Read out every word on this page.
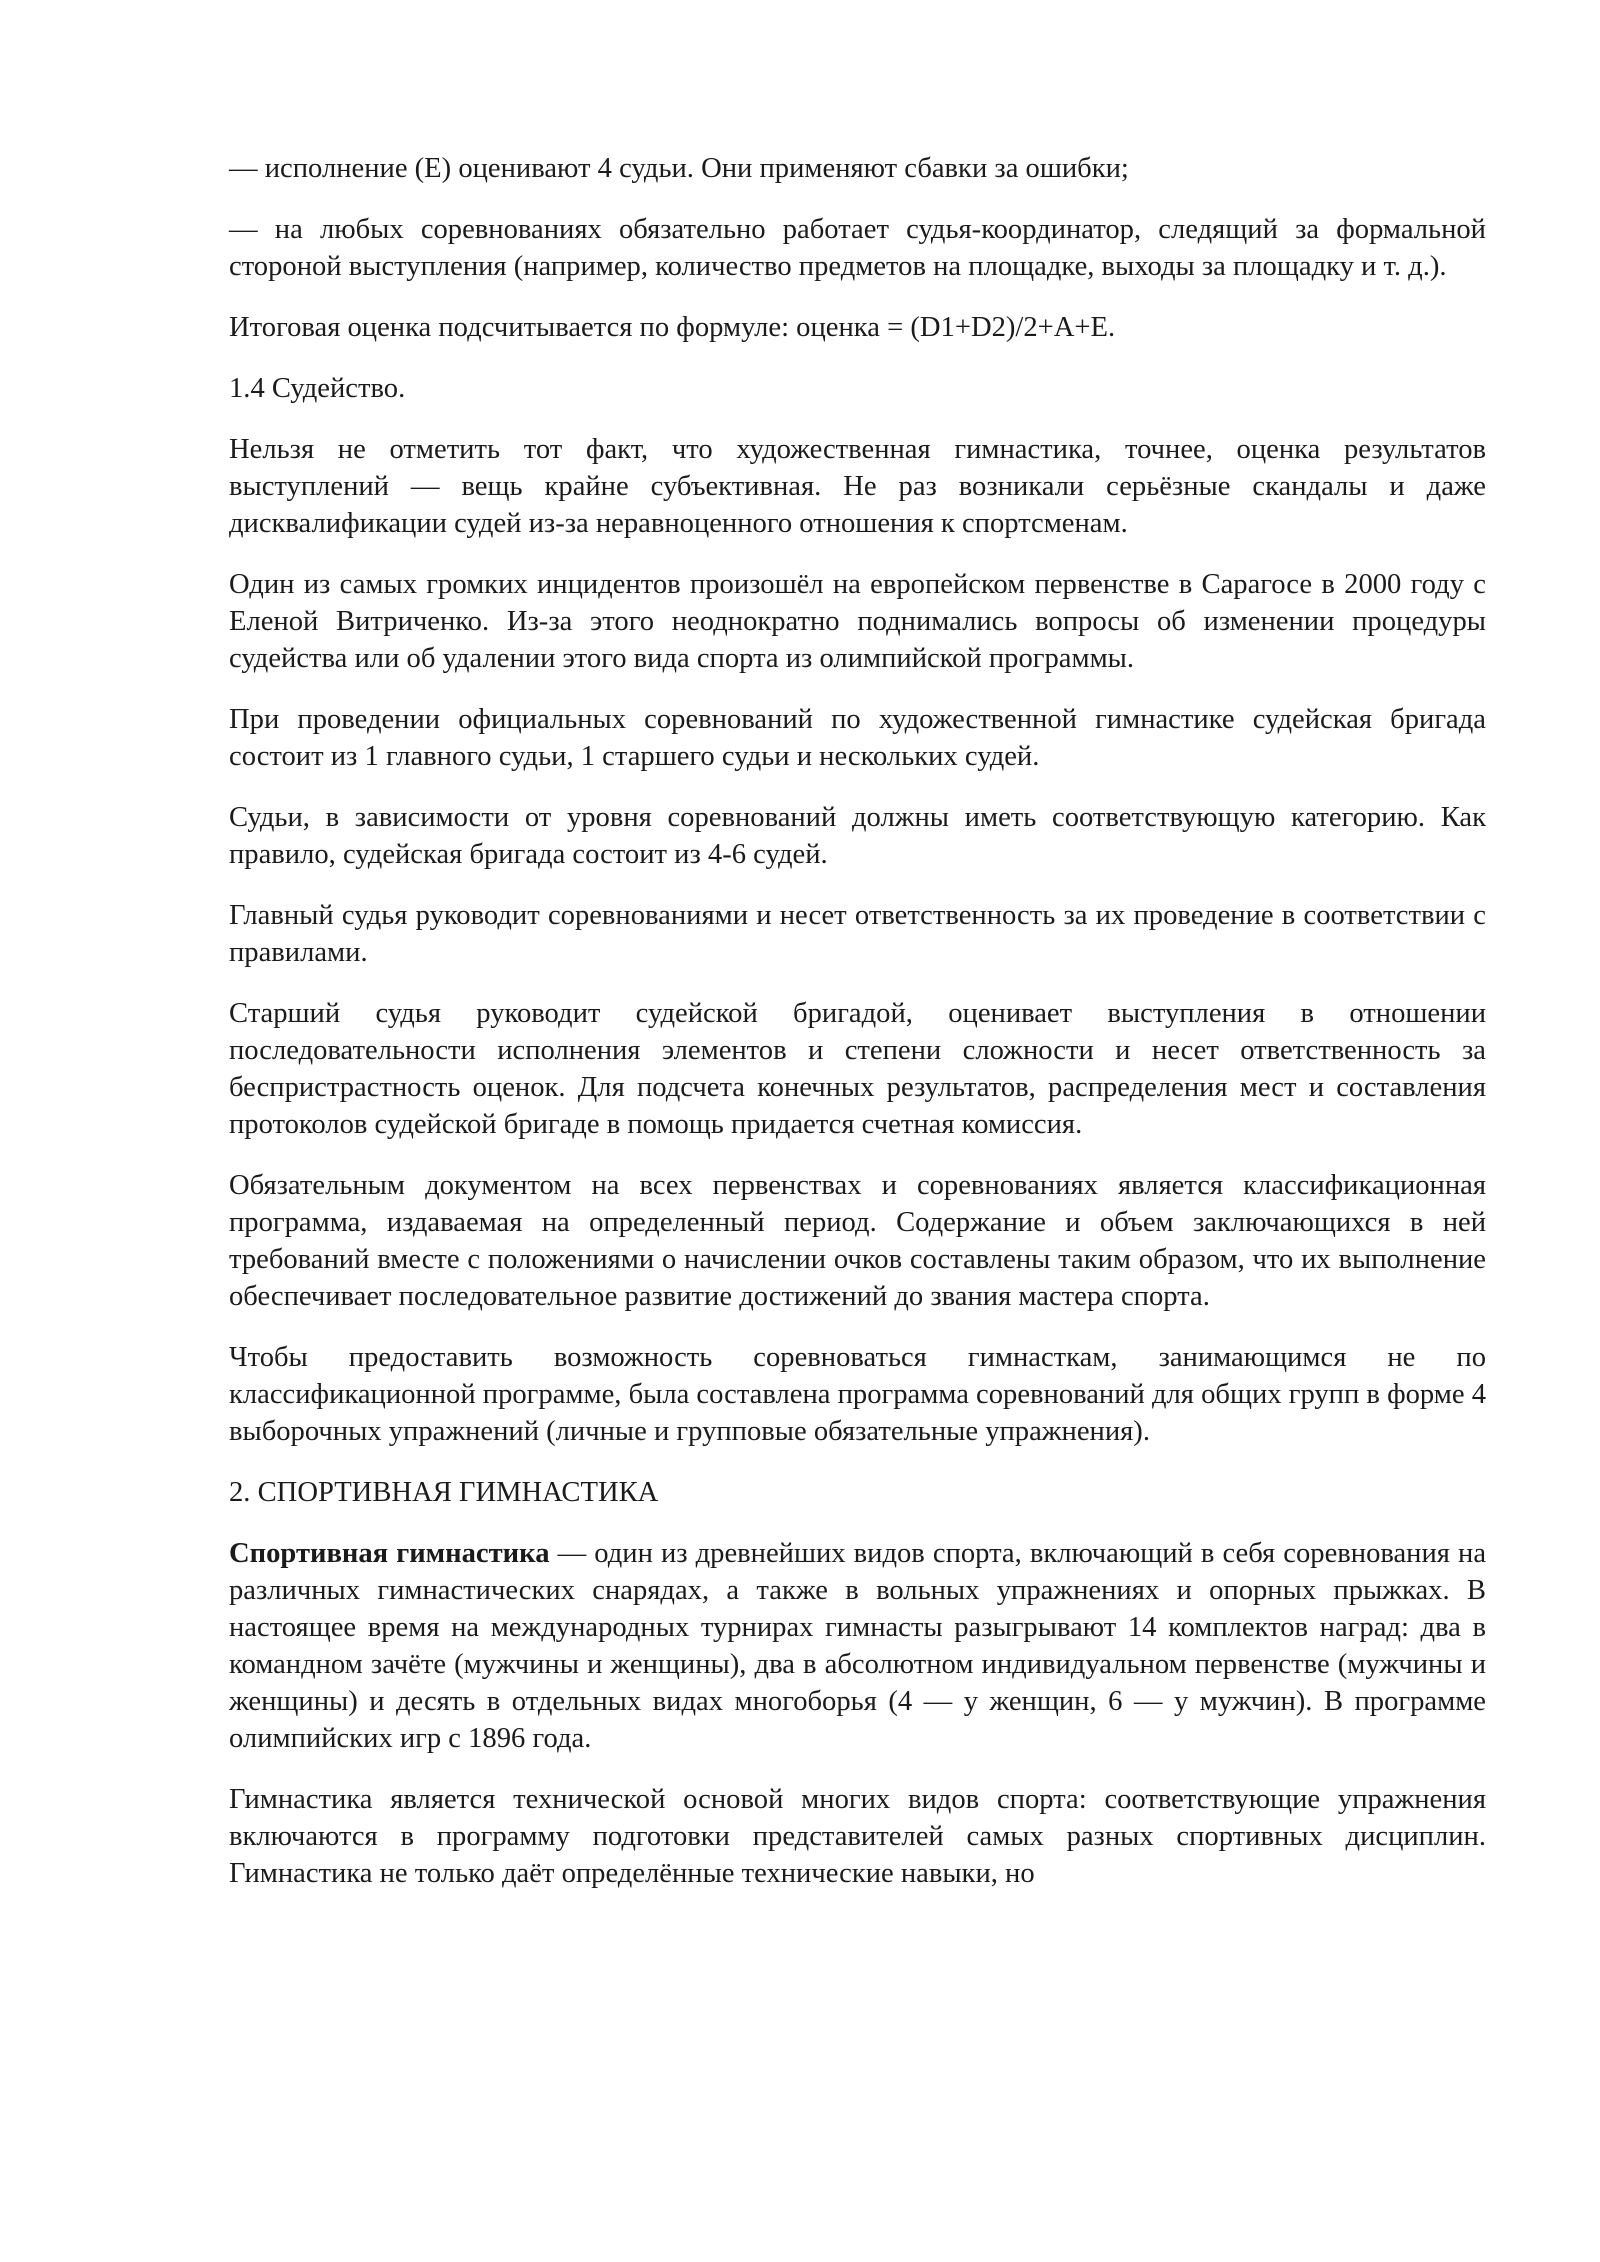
— исполнение (E) оценивают 4 судьи. Они применяют сбавки за ошибки;

— на любых соревнованиях обязательно работает судья-координатор, следящий за формальной стороной выступления (например, количество предметов на площадке, выходы за площадку и т. д.).

Итоговая оценка подсчитывается по формуле: оценка = (D1+D2)/2+A+E.

1.4 Судейство.

Нельзя не отметить тот факт, что художественная гимнастика, точнее, оценка результатов выступлений — вещь крайне субъективная. Не раз возникали серьёзные скандалы и даже дисквалификации судей из-за неравноценного отношения к спортсменам.

Один из самых громких инцидентов произошёл на европейском первенстве в Сарагосе в 2000 году с Еленой Витриченко. Из-за этого неоднократно поднимались вопросы об изменении процедуры судейства или об удалении этого вида спорта из олимпийской программы.

При проведении официальных соревнований по художественной гимнастике судейская бригада состоит из 1 главного судьи, 1 старшего судьи и нескольких судей.

Судьи, в зависимости от уровня соревнований должны иметь соответствующую категорию. Как правило, судейская бригада состоит из 4-6 судей.

Главный судья руководит соревнованиями и несет ответственность за их проведение в соответствии с правилами.

Старший судья руководит судейской бригадой, оценивает выступления в отношении последовательности исполнения элементов и степени сложности и несет ответственность за беспристрастность оценок. Для подсчета конечных результатов, распределения мест и составления протоколов судейской бригаде в помощь придается счетная комиссия.

Обязательным документом на всех первенствах и соревнованиях является классификационная программа, издаваемая на определенный период. Содержание и объем заключающихся в ней требований вместе с положениями о начислении очков составлены таким образом, что их выполнение обеспечивает последовательное развитие достижений до звания мастера спорта.

Чтобы предоставить возможность соревноваться гимнасткам, занимающимся не по классификационной программе, была составлена программа соревнований для общих групп в форме 4 выборочных упражнений (личные и групповые обязательные упражнения).

2. СПОРТИВНАЯ ГИМНАСТИКА

Спортивная гимнастика — один из древнейших видов спорта, включающий в себя соревнования на различных гимнастических снарядах, а также в вольных упражнениях и опорных прыжках. В настоящее время на международных турнирах гимнасты разыгрывают 14 комплектов наград: два в командном зачёте (мужчины и женщины), два в абсолютном индивидуальном первенстве (мужчины и женщины) и десять в отдельных видах многоборья (4 — у женщин, 6 — у мужчин). В программе олимпийских игр с 1896 года.

Гимнастика является технической основой многих видов спорта: соответствующие упражнения включаются в программу подготовки представителей самых разных спортивных дисциплин. Гимнастика не только даёт определённые технические навыки, но
